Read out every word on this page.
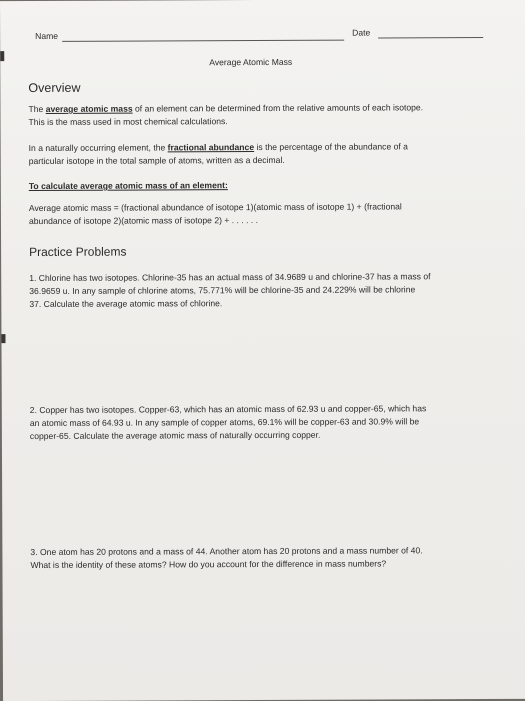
Name	Date
Average Atomic Mass
Overview
The average atomic mass of an element can be determined from the relative amounts of each isotope.
This is the mass used in most chemical calculations.
In a naturally occurring element, the fractional abundance is the percentage of the abundance of a
particular isotope in the total sample of atoms, written as a decimal.
To calculate average atomic mass of an element:
Average atomic mass = (fractional abundance of isotope 1)(atomic mass of isotope 1) + (fractional
abundance of isotope 2)(atomic mass of isotope 2) + . . . . . .
Practice Problems
1. Chlorine has two isotopes. Chlorine-35 has an actual mass of 34.9689 u and chlorine-37 has a mass of
36.9659 u. In any sample of chlorine atoms, 75.771% will be chlorine-35 and 24.229% will be chlorine
37. Calculate the average atomic mass of chlorine.
2. Copper has two isotopes. Copper-63, which has an atomic mass of 62.93 u and copper-65, which has
an atomic mass of 64.93 u. In any sample of copper atoms, 69.1% will be copper-63 and 30.9% will be
copper-65. Calculate the average atomic mass of naturally occurring copper.
3. One atom has 20 protons and a mass of 44. Another atom has 20 protons and a mass number of 40.
What is the identity of these atoms? How do you account for the difference in mass numbers?
